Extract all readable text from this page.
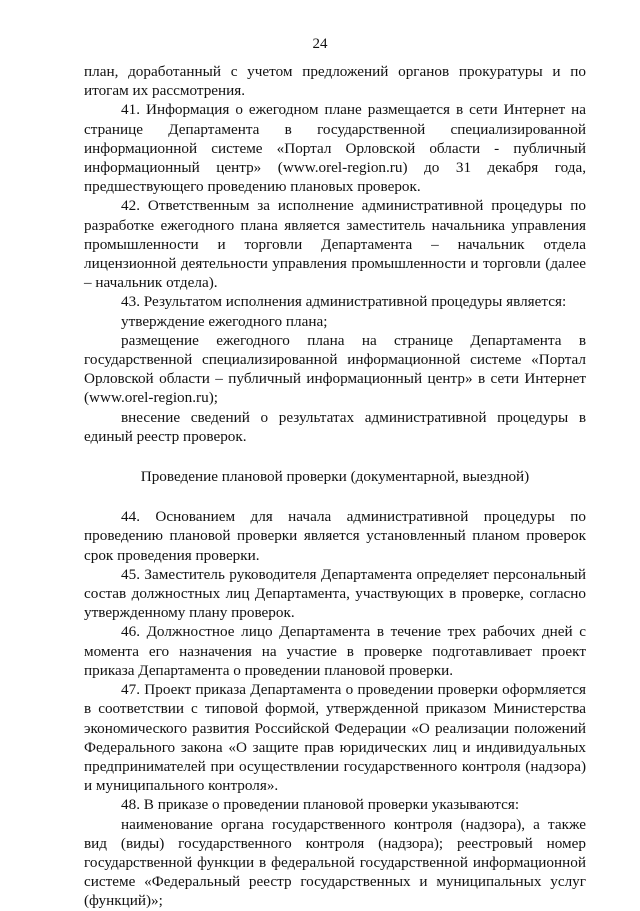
24

план, доработанный с учетом предложений органов прокуратуры и по итогам их рассмотрения.

41. Информация о ежегодном плане размещается в сети Интернет на странице Департамента в государственной специализированной информационной системе «Портал Орловской области - публичный информационный центр» (www.orel-region.ru) до 31 декабря года, предшествующего проведению плановых проверок.

42. Ответственным за исполнение административной процедуры по разработке ежегодного плана является заместитель начальника управления промышленности и торговли Департамента – начальник отдела лицензионной деятельности управления промышленности и торговли (далее – начальник отдела).

43. Результатом исполнения административной процедуры является:

утверждение ежегодного плана;

размещение ежегодного плана на странице Департамента в государственной специализированной информационной системе «Портал Орловской области – публичный информационный центр» в сети Интернет (www.orel-region.ru);

внесение сведений о результатах административной процедуры в единый реестр проверок.

Проведение плановой проверки (документарной, выездной)

44. Основанием для начала административной процедуры по проведению плановой проверки является установленный планом проверок срок проведения проверки.

45. Заместитель руководителя Департамента определяет персональный состав должностных лиц Департамента, участвующих в проверке, согласно утвержденному плану проверок.

46. Должностное лицо Департамента в течение трех рабочих дней с момента его назначения на участие в проверке подготавливает проект приказа Департамента о проведении плановой проверки.

47. Проект приказа Департамента о проведении проверки оформляется в соответствии с типовой формой, утвержденной приказом Министерства экономического развития Российской Федерации «О реализации положений Федерального закона «О защите прав юридических лиц и индивидуальных предпринимателей при осуществлении государственного контроля (надзора) и муниципального контроля».

48. В приказе о проведении плановой проверки указываются:

наименование органа государственного контроля (надзора), а также вид (виды) государственного контроля (надзора); реестровый номер государственной функции в федеральной государственной информационной системе «Федеральный реестр государственных и муниципальных услуг (функций)»;
